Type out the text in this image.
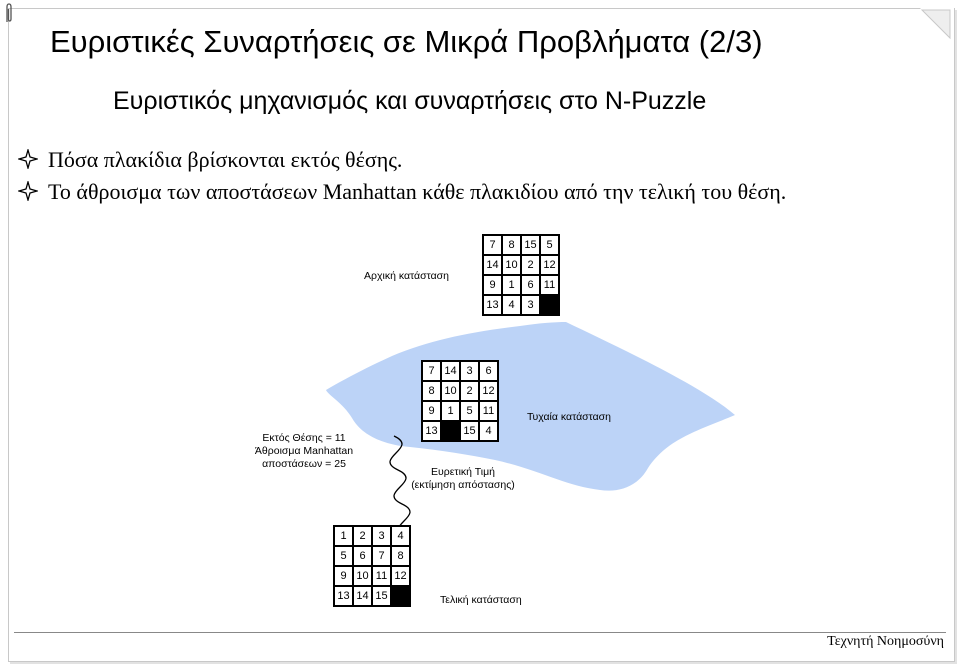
Ευριστικές Συναρτήσεις σε Μικρά Προβλήματα (2/3)
Ευριστικός μηχανισμός και συναρτήσεις στο N-Puzzle
Πόσα πλακίδια βρίσκονται εκτός θέσης.
Το άθροισμα των αποστάσεων Manhattan κάθε πλακιδίου από την τελική του θέση.
7	8	15	5
14	10	2	12
9	1	6	11
13	4	3	
Αρχική κατάσταση
7	14	3	6
8	10	2	12
9	1	5	11
13		15	4
Τυχαία κατάσταση
Εκτός Θέσης = 11
Άθροισμα Manhattan
αποστάσεων = 25
Ευρετική Τιμή
(εκτίμηση απόστασης)
1	2	3	4
5	6	7	8
9	10	11	12
13	14	15		Τελική κατάσταση
Τεχνητή Νοημοσύνη
